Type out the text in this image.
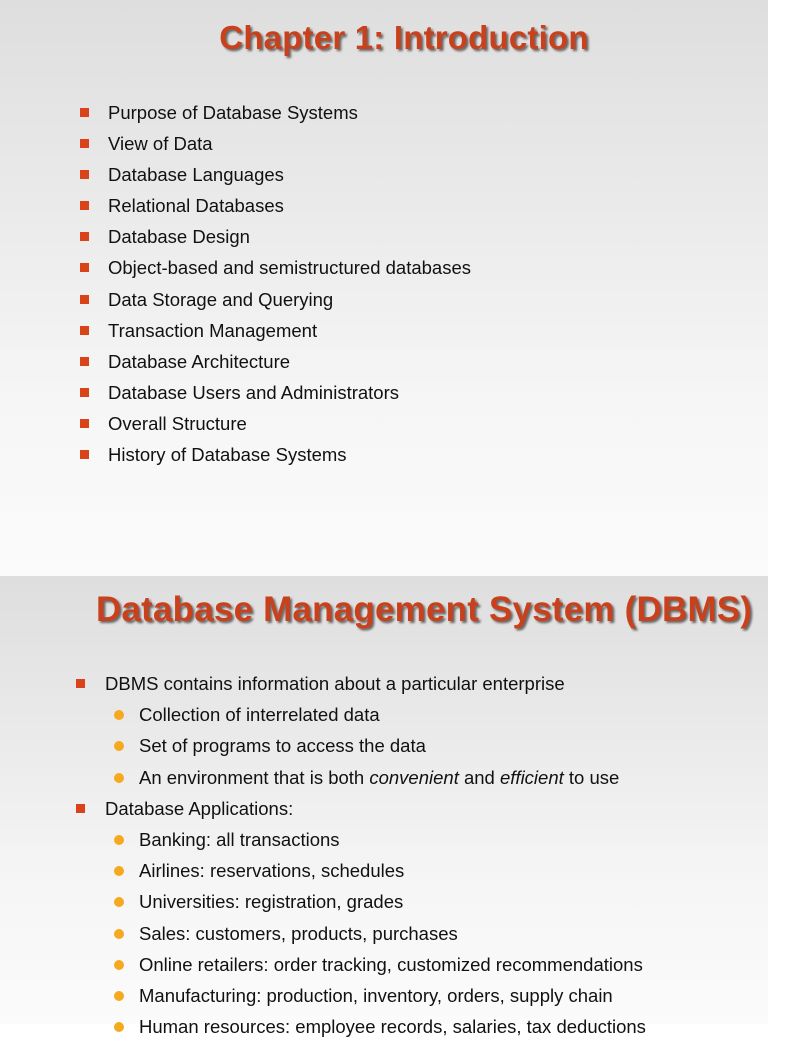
Chapter 1: Introduction
Purpose of Database Systems
View of Data
Database Languages
Relational Databases
Database Design
Object-based and semistructured databases
Data Storage and Querying
Transaction Management
Database Architecture
Database Users and Administrators
Overall Structure
History of Database Systems
Database Management System (DBMS)
DBMS contains information about a particular enterprise
Collection of interrelated data
Set of programs to access the data
An environment that is both convenient and efficient to use
Database Applications:
Banking: all transactions
Airlines: reservations, schedules
Universities: registration, grades
Sales: customers, products, purchases
Online retailers: order tracking, customized recommendations
Manufacturing: production, inventory, orders, supply chain
Human resources: employee records, salaries, tax deductions
